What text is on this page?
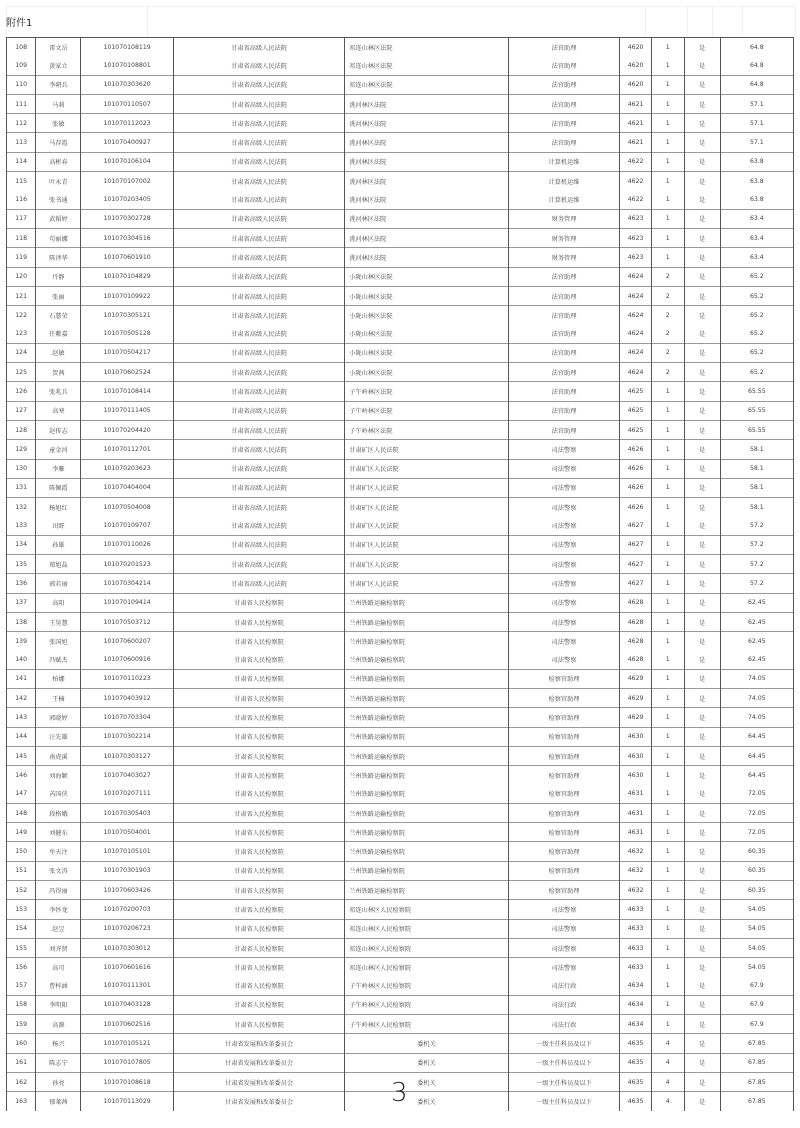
附件1
108	雷文岳	101070108119	甘肃省高级人民法院	祁连山林区法院	法官助理	4620	1	是	64.8
109	黄家立	101070108801	甘肃省高级人民法院	祁连山林区法院	法官助理	4620	1	是	64.8
110	李朝兵	101070303620	甘肃省高级人民法院	祁连山林区法院	法官助理	4620	1	是	64.8
111	马莉	101070110507	甘肃省高级人民法院	洮河林区法院	法官助理	4621	1	是	57.1
112	张敏	101070112023	甘肃省高级人民法院	洮河林区法院	法官助理	4621	1	是	57.1
113	马存霞	101070400927	甘肃省高级人民法院	洮河林区法院	法官助理	4621	1	是	57.1
114	高彬春	101070106104	甘肃省高级人民法院	洮河林区法院	计算机运维	4622	1	是	63.8
115	叶永青	101070107002	甘肃省高级人民法院	洮河林区法院	计算机运维	4622	1	是	63.8
116	张书通	101070203405	甘肃省高级人民法院	洮河林区法院	计算机运维	4622	1	是	63.8
117	武韬婷	101070302728	甘肃省高级人民法院	洮河林区法院	财务管理	4623	1	是	63.4
118	苟丽娜	101070304516	甘肃省高级人民法院	洮河林区法院	财务管理	4623	1	是	63.4
119	陈泽华	101070601910	甘肃省高级人民法院	洮河林区法院	财务管理	4623	1	是	63.4
120	丹静	101070104829	甘肃省高级人民法院	小陇山林区法院	法官助理	4624	2	是	65.2
121	张丽	101070109922	甘肃省高级人民法院	小陇山林区法院	法官助理	4624	2	是	65.2
122	石慧荣	101070305121	甘肃省高级人民法院	小陇山林区法院	法官助理	4624	2	是	65.2
123	任紫嘉	101070505128	甘肃省高级人民法院	小陇山林区法院	法官助理	4624	2	是	65.2
124	赵敏	101070504217	甘肃省高级人民法院	小陇山林区法院	法官助理	4624	2	是	65.2
125	贺茜	101070602524	甘肃省高级人民法院	小陇山林区法院	法官助理	4624	2	是	65.2
126	张兆兵	101070108414	甘肃省高级人民法院	子午岭林区法院	法官助理	4625	1	是	65.55
127	高寒	101070111405	甘肃省高级人民法院	子午岭林区法院	法官助理	4625	1	是	65.55
128	赵传志	101070204420	甘肃省高级人民法院	子午岭林区法院	法官助理	4625	1	是	65.55
129	童金河	101070112701	甘肃省高级人民法院	甘肃矿区人民法院	司法警察	4626	1	是	58.1
130	李雁	101070203623	甘肃省高级人民法院	甘肃矿区人民法院	司法警察	4626	1	是	58.1
131	陈佩霞	101070404004	甘肃省高级人民法院	甘肃矿区人民法院	司法警察	4626	1	是	58.1
132	杨旭红	101070504008	甘肃省高级人民法院	甘肃矿区人民法院	司法警察	4626	1	是	58.1
133	田野	101070109707	甘肃省高级人民法院	甘肃矿区人民法院	司法警察	4627	1	是	57.2
134	孙雄	101070110026	甘肃省高级人民法院	甘肃矿区人民法院	司法警察	4627	1	是	57.2
135	郑旭晶	101070201523	甘肃省高级人民法院	甘肃矿区人民法院	司法警察	4627	1	是	57.2
136	郭若丽	101070304214	甘肃省高级人民法院	甘肃矿区人民法院	司法警察	4627	1	是	57.2
137	高阳	101070109414	甘肃省人民检察院	兰州铁路运输检察院	司法警察	4628	1	是	62.45
138	王昊慧	101070503712	甘肃省人民检察院	兰州铁路运输检察院	司法警察	4628	1	是	62.45
139	张国旭	101070600207	甘肃省人民检察院	兰州铁路运输检察院	司法警察	4628	1	是	62.45
140	冯赋杰	101070600916	甘肃省人民检察院	兰州铁路运输检察院	司法警察	4628	1	是	62.45
141	柏娜	101070110223	甘肃省人民检察院	兰州铁路运输检察院	检察官助理	4629	1	是	74.05
142	王楠	101070403912	甘肃省人民检察院	兰州铁路运输检察院	检察官助理	4629	1	是	74.05
143	郭晓婷	101070703304	甘肃省人民检察院	兰州铁路运输检察院	检察官助理	4629	1	是	74.05
144	汪先雄	101070302214	甘肃省人民检察院	兰州铁路运输检察院	检察官助理	4630	1	是	64.45
145	南虎溪	101070303127	甘肃省人民检察院	兰州铁路运输检察院	检察官助理	4630	1	是	64.45
146	刘海颖	101070403027	甘肃省人民检察院	兰州铁路运输检察院	检察官助理	4630	1	是	64.45
147	芮国侠	101070207111	甘肃省人民检察院	兰州铁路运输检察院	检察官助理	4631	1	是	72.05
148	段格娥	101070305403	甘肃省人民检察院	兰州铁路运输检察院	检察官助理	4631	1	是	72.05
149	刘健东	101070504001	甘肃省人民检察院	兰州铁路运输检察院	检察官助理	4631	1	是	72.05
150	牟天注	101070105101	甘肃省人民检察院	兰州铁路运输检察院	检察官助理	4632	1	是	60.35
151	张文涛	101070301903	甘肃省人民检察院	兰州铁路运输检察院	检察官助理	4632	1	是	60.35
152	冯得丽	101070603426	甘肃省人民检察院	兰州铁路运输检察院	检察官助理	4632	1	是	60.35
153	李怀龙	101070200703	甘肃省人民检察院	祁连山林区人民检察院	司法警察	4633	1	是	54.05
154	赵昱	101070206723	甘肃省人民检察院	祁连山林区人民检察院	司法警察	4633	1	是	54.05
155	刘齐贤	101070303012	甘肃省人民检察院	祁连山林区人民检察院	司法警察	4633	1	是	54.05
156	高可	101070601616	甘肃省人民检察院	祁连山林区人民检察院	司法警察	4633	1	是	54.05
157	曹梓涵	101070111301	甘肃省人民检察院	子午岭林区人民检察院	司法行政	4634	1	是	67.9
158	李明阳	101070403128	甘肃省人民检察院	子午岭林区人民检察院	司法行政	4634	1	是	67.9
159	高源	101070602516	甘肃省人民检察院	子午岭林区人民检察院	司法行政	4634	1	是	67.9
160	杨兴	101070105121	甘肃省发展和改革委员会	委机关	一级主任科员及以下	4635	4	是	67.85
161	陈志宁	101070107805	甘肃省发展和改革委员会	委机关	一级主任科员及以下	4635	4	是	67.85
162	孙亮	101070108618	甘肃省发展和改革委员会	委机关	一级主任科员及以下	4635	4	是	67.85
163	郁莱茜	101070113029	甘肃省发展和改革委员会	委机关	一级主任科员及以下	4635	4	是	67.85
3
